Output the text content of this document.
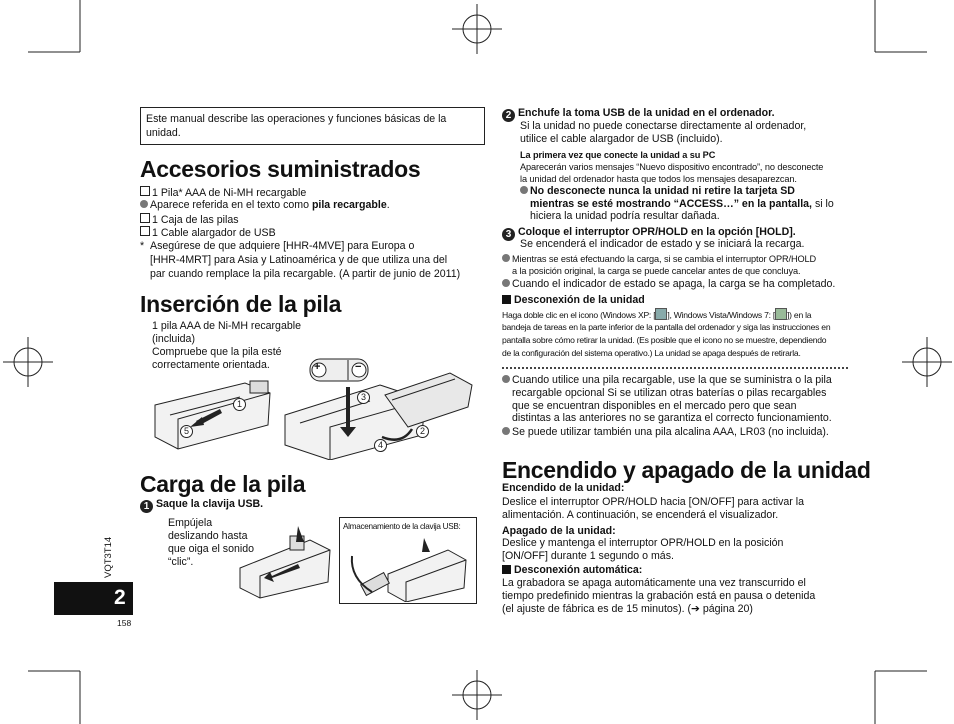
Este manual describe las operaciones y funciones básicas de la
unidad.
Accesorios suministrados
1 Pila* AAA de Ni-MH recargable
Aparece referida en el texto como pila recargable.
1 Caja de las pilas
1 Cable alargador de USB
* Asegúrese de que adquiere [HHR-4MVE] para Europa o
[HHR-4MRT] para Asia y Latinoamérica y de que utiliza una del
par cuando remplace la pila recargable. (A partir de junio de 2011)
Inserción de la pila
1 pila AAA de Ni-MH recargable
(incluida)
Compruebe que la pila esté
correctamente orientada.	+	−
1
2
3
4
5
Carga de la pila
1 Saque la clavija USB.
Empújela
deslizando hasta
que oiga el sonido
“clic”.
Almacenamiento de la clavija USB:
VQT3T14
2
158
2 Enchufe la toma USB de la unidad en el ordenador.
Si la unidad no puede conectarse directamente al ordenador,
utilice el cable alargador de USB (incluido).
La primera vez que conecte la unidad a su PC
Aparecerán varios mensajes “Nuevo dispositivo encontrado”, no desconecte
la unidad del ordenador hasta que todos los mensajes desaparezcan.
No desconecte nunca la unidad ni retire la tarjeta SD
mientras se esté mostrando “ACCESS…” en la pantalla, si lo
hiciera la unidad podría resultar dañada.
3 Coloque el interruptor OPR/HOLD en la opción [HOLD].
Se encenderá el indicador de estado y se iniciará la recarga.
Mientras se está efectuando la carga, si se cambia el interruptor OPR/HOLD
a la posición original, la carga se puede cancelar antes de que concluya.
Cuando el indicador de estado se apaga, la carga se ha completado.
Desconexión de la unidad
Haga doble clic en el icono (Windows XP: [ ], Windows Vista/Windows 7: [ ]) en la
bandeja de tareas en la parte inferior de la pantalla del ordenador y siga las instrucciones en
pantalla sobre cómo retirar la unidad. (Es posible que el icono no se muestre, dependiendo
de la configuración del sistema operativo.) La unidad se apaga después de retirarla.
Cuando utilice una pila recargable, use la que se suministra o la pila
recargable opcional Si se utilizan otras baterías o pilas recargables
que se encuentran disponibles en el mercado pero que sean
distintas a las anteriores no se garantiza el correcto funcionamiento.
Se puede utilizar también una pila alcalina AAA, LR03 (no incluida).
Encendido y apagado de la unidad
Encendido de la unidad:
Deslice el interruptor OPR/HOLD hacia [ON/OFF] para activar la
alimentación. A continuación, se encenderá el visualizador.
Apagado de la unidad:
Deslice y mantenga el interruptor OPR/HOLD en la posición
[ON/OFF] durante 1 segundo o más.
Desconexión automática:
La grabadora se apaga automáticamente una vez transcurrido el
tiempo predefinido mientras la grabación está en pausa o detenida
(el ajuste de fábrica es de 15 minutos). (➔ página 20)
